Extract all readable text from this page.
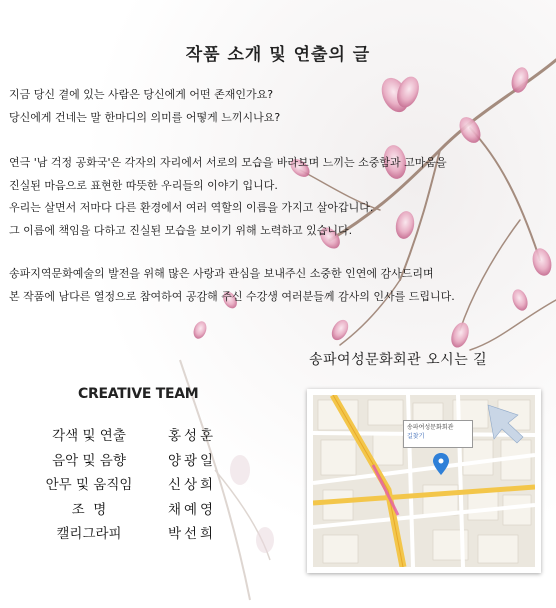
작품 소개 및 연출의 글
지금 당신 곁에 있는 사람은 당신에게 어떤 존재인가요?
당신에게 건네는 말 한마디의 의미를 어떻게 느끼시나요?
연극 '남 걱정 공화국'은 각자의 자리에서 서로의 모습을 바라보며 느끼는 소중함과 고마움을
진실된 마음으로 표현한 따뜻한 우리들의 이야기 입니다.
우리는 살면서 저마다 다른 환경에서 여러 역할의 이름을 가지고 살아갑니다.
그 이름에 책임을 다하고 진실된 모습을 보이기 위해 노력하고 있습니다.
송파지역문화예술의 발전을 위해 많은 사랑과 관심을 보내주신 소중한 인연에 감사드리며
본 작품에 남다른 열정으로 참여하여 공감해 주신 수강생 여러분들께 감사의 인사를 드립니다.
송파여성문화회관 오시는 길
CREATIVE TEAM
각색 및 연출
음악 및 음향
안무 및 움직임
조  명
캘리그라피
홍성훈
양광일
신상희
채예영
박선희
송파여성문화회관
길찾기
